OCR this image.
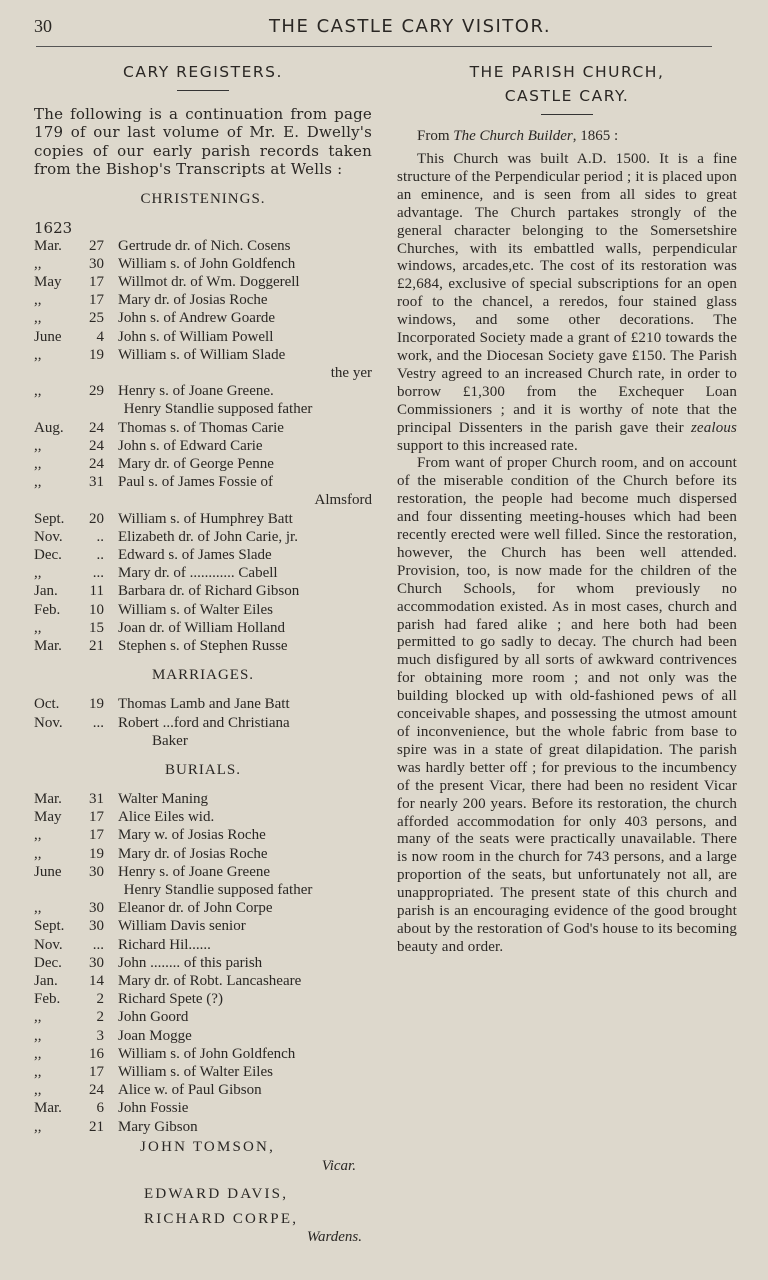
30	THE CASTLE CARY VISITOR.
CARY REGISTERS.

The following is a continuation from page 179 of our last volume of Mr. E. Dwelly's copies of our early parish records taken from the Bishop's Transcripts at Wells :

CHRISTENINGS.
1623
Mar.	27 Gertrude dr. of Nich. Cosens
,,	30 William s. of John Goldfench
May	17 Willmot dr. of Wm. Doggerell
,,	17 Mary dr. of Josias Roche
,,	25 John s. of Andrew Goarde
June	4 John s. of William Powell
,,	19 William s. of William Slade
the yer
,,	29 Henry s. of Joane Greene.
Henry Standlie supposed father
Aug.	24 Thomas s. of Thomas Carie
,,	24 John s. of Edward Carie
,,	24 Mary dr. of George Penne
,,	31 Paul s. of James Fossie of
Almsford
Sept.	20 William s. of Humphrey Batt
Nov.	.. Elizabeth dr. of John Carie, jr.
Dec.	.. Edward s. of James Slade
,,	... Mary dr. of ............ Cabell
Jan.	11 Barbara dr. of Richard Gibson
Feb.	10 William s. of Walter Eiles
,,	15 Joan dr. of William Holland
Mar.	21 Stephen s. of Stephen Russe
MARRIAGES.
Oct.	19 Thomas Lamb and Jane Batt
Nov.	... Robert ...ford and Christiana
Baker
BURIALS.
Mar.	31 Walter Maning
May	17 Alice Eiles wid.
,,	17 Mary w. of Josias Roche
,,	19 Mary dr. of Josias Roche
June	30 Henry s. of Joane Greene
Henry Standlie supposed father
,,	30 Eleanor dr. of John Corpe
Sept.	30 William Davis senior
Nov.	... Richard Hil......
Dec.	30 John ........ of this parish
Jan.	14 Mary dr. of Robt. Lancasheare
Feb.	2 Richard Spete (?)
,,	2 John Goord
,,	3 Joan Mogge
,,	16 William s. of John Goldfench
,,	17 William s. of Walter Eiles
,,	24 Alice w. of Paul Gibson
Mar.	6 John Fossie
,,	21 Mary Gibson
JOHN TOMSON,
Vicar.
EDWARD DAVIS,
RICHARD CORPE,
Wardens.
THE PARISH CHURCH,
CASTLE CARY.
From The Church Builder, 1865 :

This Church was built A.D. 1500. It is a fine structure of the Perpendicular period ; it is placed upon an eminence, and is seen from all sides to great advantage. The Church partakes strongly of the general character belonging to the Somersetshire Churches, with its embattled walls, perpendicular windows, arcades,etc. The cost of its restoration was £2,684, exclusive of special subscriptions for an open roof to the chancel, a reredos, four stained glass windows, and some other decorations. The Incorporated Society made a grant of £210 towards the work, and the Diocesan Society gave £150. The Parish Vestry agreed to an increased Church rate, in order to borrow £1,300 from the Exchequer Loan Commissioners ; and it is worthy of note that the principal Dissenters in the parish gave their zealous support to this increased rate.

From want of proper Church room, and on account of the miserable condition of the Church before its restoration, the people had become much dispersed and four dissenting meeting-houses which had been recently erected were well filled. Since the restoration, however, the Church has been well attended. Provision, too, is now made for the children of the Church Schools, for whom previously no accommodation existed. As in most cases, church and parish had fared alike ; and here both had been permitted to go sadly to decay. The church had been much disfigured by all sorts of awkward contrivences for obtaining more room ; and not only was the building blocked up with old-fashioned pews of all conceivable shapes, and possessing the utmost amount of inconvenience, but the whole fabric from base to spire was in a state of great dilapidation. The parish was hardly better off ; for previous to the incumbency of the present Vicar, there had been no resident Vicar for nearly 200 years. Before its restoration, the church afforded accommodation for only 403 persons, and many of the seats were practically unavailable. There is now room in the church for 743 persons, and a large proportion of the seats, but unfortunately not all, are unappropriated. The present state of this church and parish is an encouraging evidence of the good brought about by the restoration of God's house to its becoming beauty and order.
